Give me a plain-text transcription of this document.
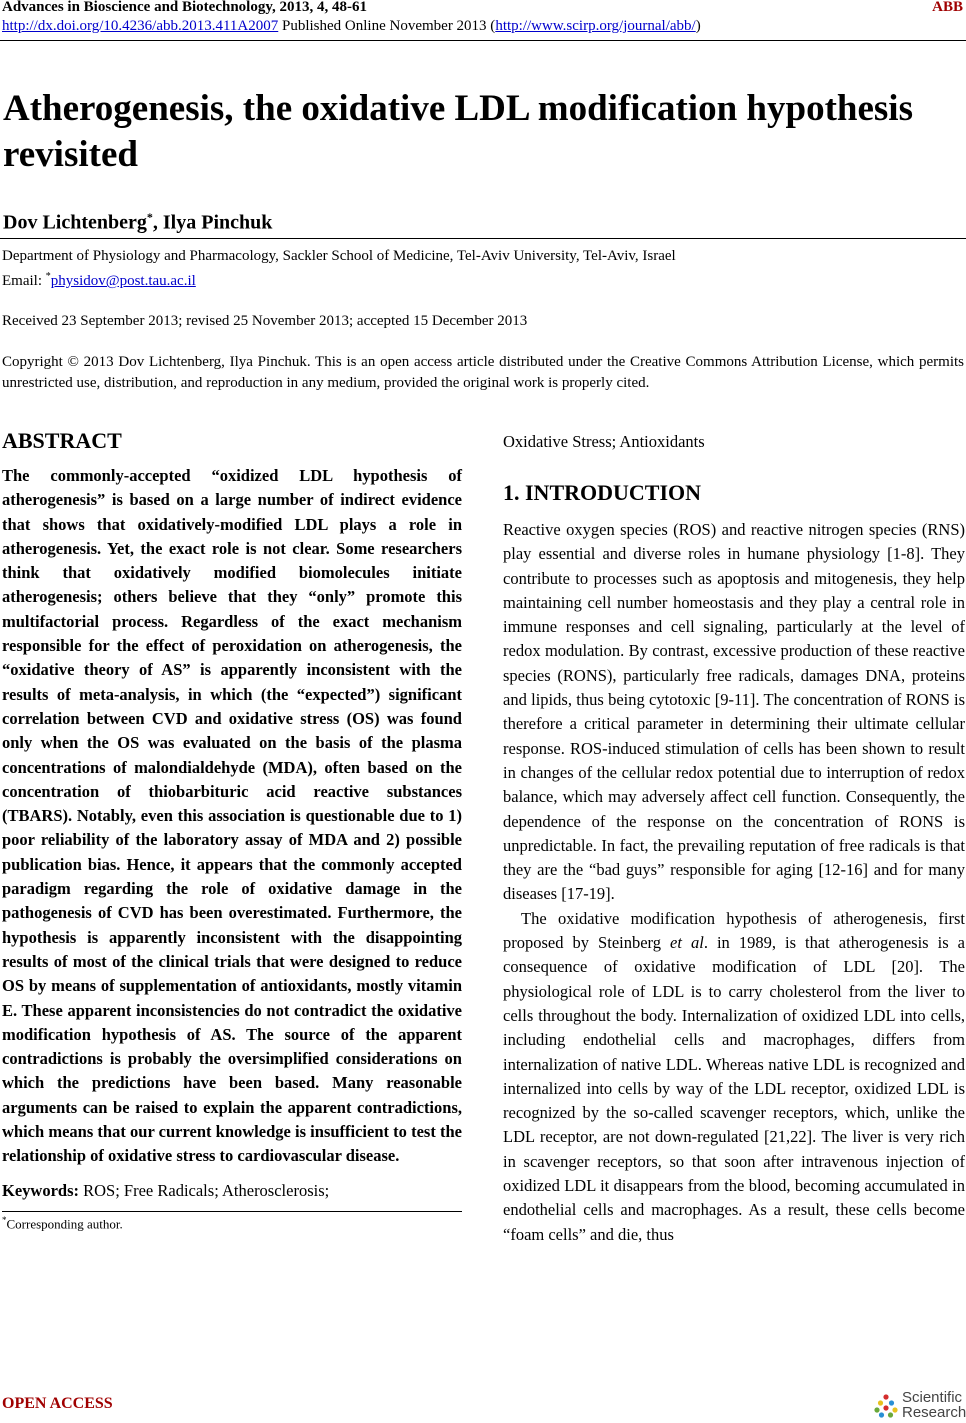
Advances in Bioscience and Biotechnology, 2013, 4, 48-61	ABB
http://dx.doi.org/10.4236/abb.2013.411A2007 Published Online November 2013 (http://www.scirp.org/journal/abb/)
Atherogenesis, the oxidative LDL modification hypothesis revisited
Dov Lichtenberg*, Ilya Pinchuk
Department of Physiology and Pharmacology, Sackler School of Medicine, Tel-Aviv University, Tel-Aviv, Israel
Email: *physidov@post.tau.ac.il
Received 23 September 2013; revised 25 November 2013; accepted 15 December 2013
Copyright © 2013 Dov Lichtenberg, Ilya Pinchuk. This is an open access article distributed under the Creative Commons Attribution License, which permits unrestricted use, distribution, and reproduction in any medium, provided the original work is properly cited.
ABSTRACT

The commonly-accepted “oxidized LDL hypothesis of atherogenesis” is based on a large number of indirect evidence that shows that oxidatively-modified LDL plays a role in atherogenesis. Yet, the exact role is not clear. Some researchers think that oxidatively modified biomolecules initiate atherogenesis; others believe that they “only” promote this multifactorial process. Regardless of the exact mechanism responsible for the effect of peroxidation on atherogenesis, the “oxidative theory of AS” is apparently inconsistent with the results of meta-analysis, in which (the “expected”) significant correlation between CVD and oxidative stress (OS) was found only when the OS was evaluated on the basis of the plasma concentrations of malondialdehyde (MDA), often based on the concentration of thiobarbituric acid reactive substances (TBARS). Notably, even this association is questionable due to 1) poor reliability of the laboratory assay of MDA and 2) possible publication bias. Hence, it appears that the commonly accepted paradigm regarding the role of oxidative damage in the pathogenesis of CVD has been overestimated. Furthermore, the hypothesis is apparently inconsistent with the disappointing results of most of the clinical trials that were designed to reduce OS by means of supplementation of antioxidants, mostly vitamin E. These apparent inconsistencies do not contradict the oxidative modification hypothesis of AS. The source of the apparent contradictions is probably the oversimplified considerations on which the predictions have been based. Many reasonable arguments can be raised to explain the apparent contradictions, which means that our current knowledge is insufficient to test the relationship of oxidative stress to cardiovascular disease.

Keywords: ROS; Free Radicals; Atherosclerosis;
*Corresponding author.

Oxidative Stress; Antioxidants

1. INTRODUCTION

Reactive oxygen species (ROS) and reactive nitrogen species (RNS) play essential and diverse roles in humane physiology [1-8]. They contribute to processes such as apoptosis and mitogenesis, they help maintaining cell number homeostasis and they play a central role in immune responses and cell signaling, particularly at the level of redox modulation. By contrast, excessive production of these reactive species (RONS), particularly free radicals, damages DNA, proteins and lipids, thus being cytotoxic [9-11]. The concentration of RONS is therefore a critical parameter in determining their ultimate cellular response. ROS-induced stimulation of cells has been shown to result in changes of the cellular redox potential due to interruption of redox balance, which may adversely affect cell function. Consequently, the dependence of the response on the concentration of RONS is unpredictable. In fact, the prevailing reputation of free radicals is that they are the “bad guys” responsible for aging [12-16] and for many diseases [17-19].

The oxidative modification hypothesis of atherogenesis, first proposed by Steinberg et al. in 1989, is that atherogenesis is a consequence of oxidative modification of LDL [20]. The physiological role of LDL is to carry cholesterol from the liver to cells throughout the body. Internalization of oxidized LDL into cells, including endothelial cells and macrophages, differs from internalization of native LDL. Whereas native LDL is recognized and internalized into cells by way of the LDL receptor, oxidized LDL is recognized by the so-called scavenger receptors, which, unlike the LDL receptor, are not down-regulated [21,22]. The liver is very rich in scavenger receptors, so that soon after intravenous injection of oxidized LDL it disappears from the blood, becoming accumulated in endothelial cells and macrophages. As a result, these cells become “foam cells” and die, thus

OPEN ACCESS	Scientific
Research
